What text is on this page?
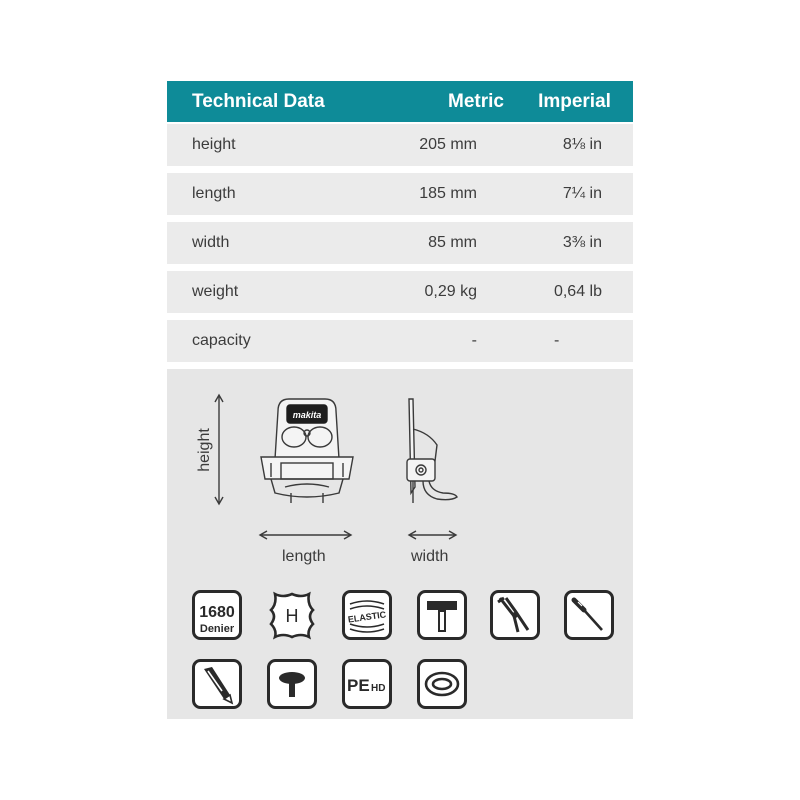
Technical Data	Metric	Imperial
height	205 mm	8⅛ in
length	185 mm	7¼ in
width	85 mm	3⅜ in
weight	0,29 kg	0,64 lb
capacity	-	-
makita
height
length	width
1680
Denier
H	ELASTIC
PE HD
